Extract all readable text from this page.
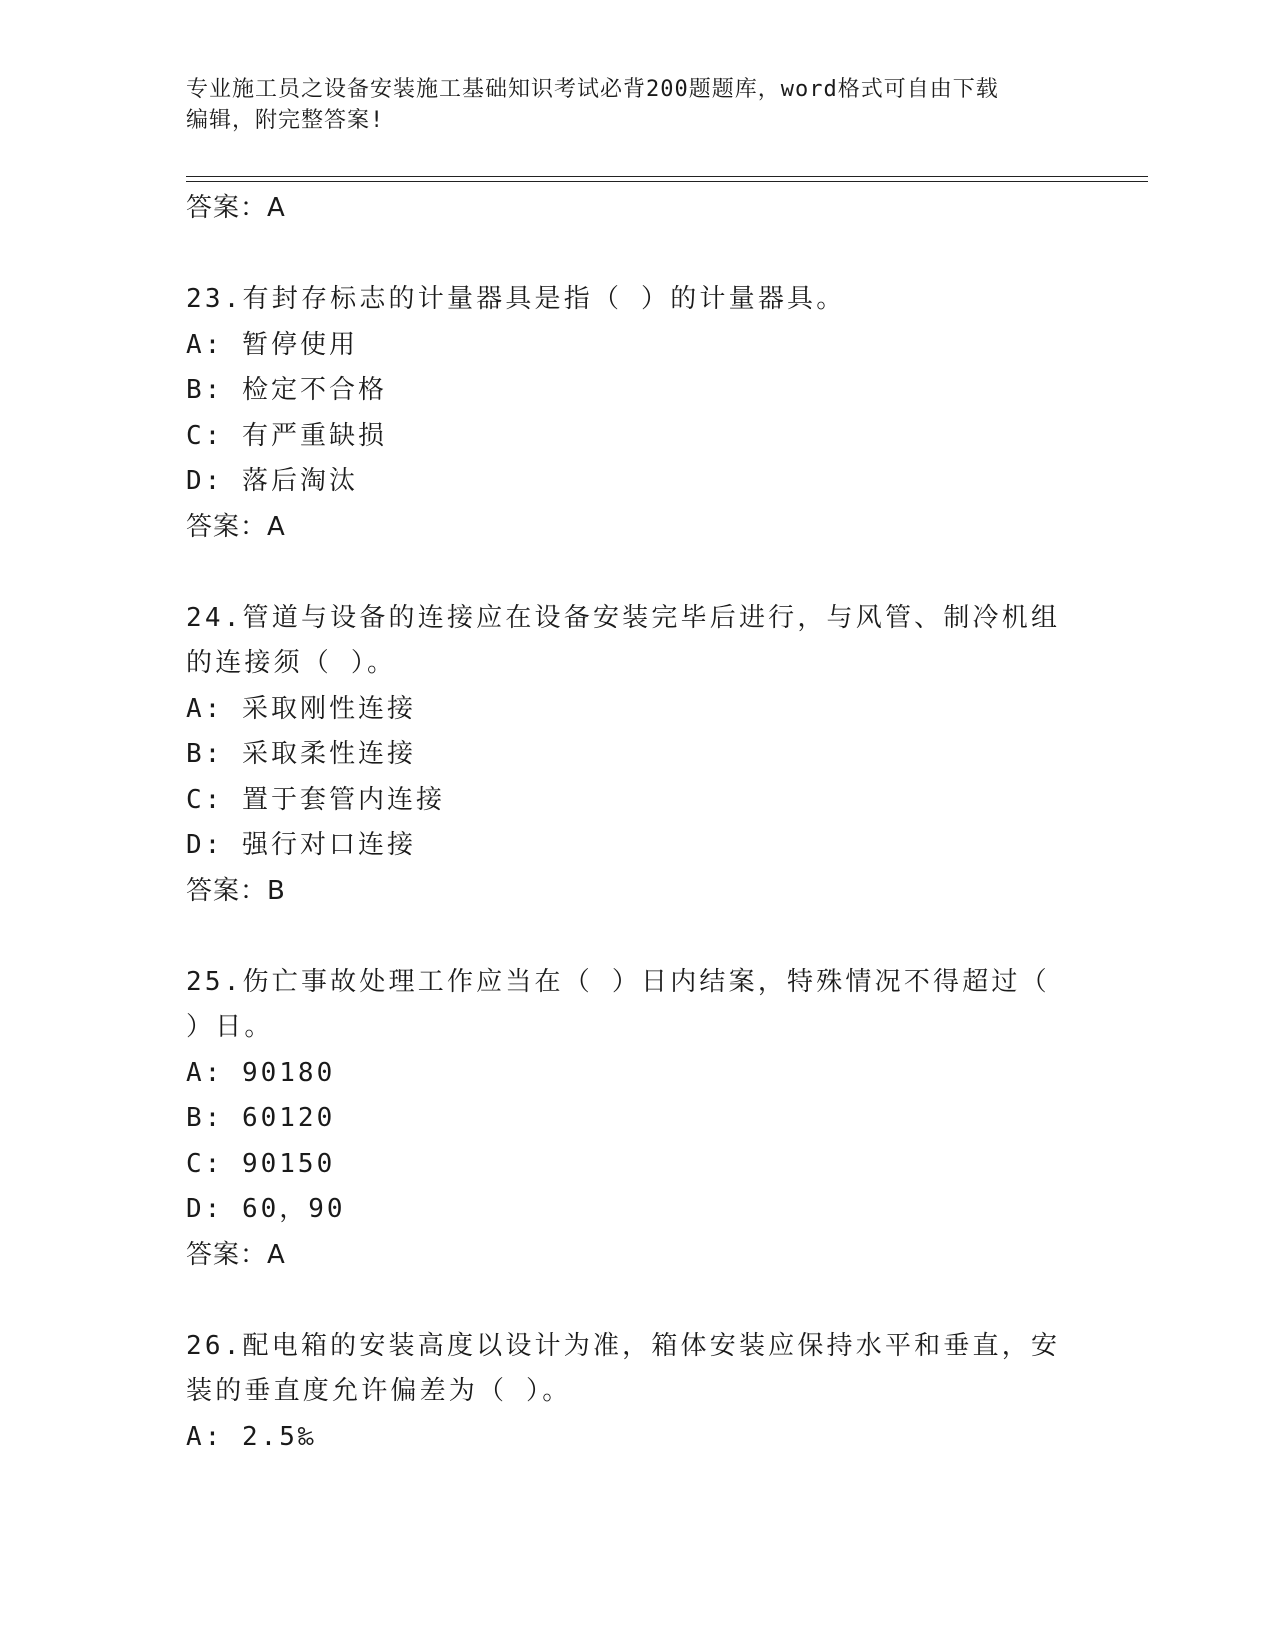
专业施工员之设备安装施工基础知识考试必背200题题库，word格式可自由下载
编辑，附完整答案!
答案：A
23.有封存标志的计量器具是指（ ）的计量器具。
A: 暂停使用
B: 检定不合格
C: 有严重缺损
D: 落后淘汰
答案：A
24.管道与设备的连接应在设备安装完毕后进行，与风管、制冷机组的连接须（ ）。
A: 采取刚性连接
B: 采取柔性连接
C: 置于套管内连接
D: 强行对口连接
答案：B
25.伤亡事故处理工作应当在（ ）日内结案，特殊情况不得超过（ ）日。
A: 90180
B: 60120
C: 90150
D: 60，90
答案：A
26.配电箱的安装高度以设计为准，箱体安装应保持水平和垂直，安装的垂直度允许偏差为（ ）。
A: 2.5‰
